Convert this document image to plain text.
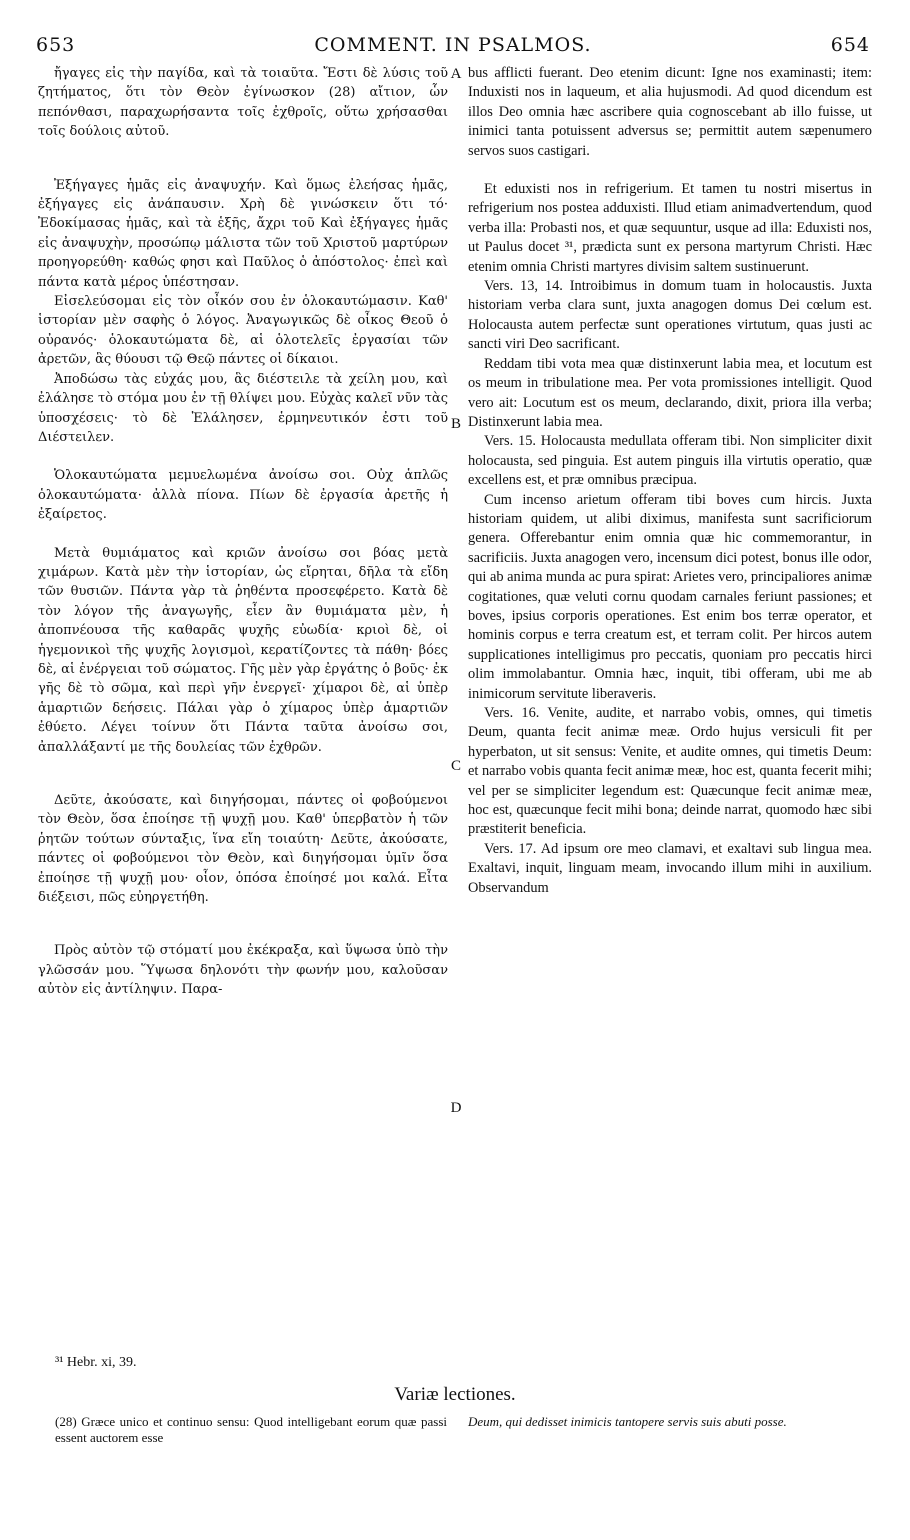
653	COMMENT. IN PSALMOS.	654

ἤγαγες εἰς τὴν παγίδα, καὶ τὰ τοιαῦτα. Ἔστι δὲ λύσις τοῦ ζητήματος, ὅτι τὸν Θεὸν ἐγίνωσκον (28) αἴτιον, ὧν πεπόνθασι, παραχωρήσαντα τοῖς ἐχθροῖς, οὕτω χρήσασθαι τοῖς δούλοις αὐτοῦ.

Ἐξήγαγες ἡμᾶς εἰς ἀναψυχήν. Καὶ ὅμως ἐλεήσας ἡμᾶς, ἐξήγαγες εἰς ἀνάπαυσιν. Χρὴ δὲ γινώσκειν ὅτι τό· Ἐδοκίμασας ἡμᾶς, καὶ τὰ ἑξῆς, ἄχρι τοῦ Καὶ ἐξήγαγες ἡμᾶς εἰς ἀναψυχὴν, προσώπῳ μάλιστα τῶν τοῦ Χριστοῦ μαρτύρων προηγορεύθη· καθώς φησι καὶ Παῦλος ὁ ἀπόστολος· ἐπεὶ καὶ πάντα κατὰ μέρος ὑπέστησαν.

Εἰσελεύσομαι εἰς τὸν οἶκόν σου ἐν ὁλοκαυτώμασιν. Καθ' ἱστορίαν μὲν σαφὴς ὁ λόγος. Ἀναγωγικῶς δὲ οἶκος Θεοῦ ὁ οὐρανός· ὁλοκαυτώματα δὲ, αἱ ὁλοτελεῖς ἐργασίαι τῶν ἀρετῶν, ἃς θύουσι τῷ Θεῷ πάντες οἱ δίκαιοι.

Ἀποδώσω τὰς εὐχάς μου, ἃς διέστειλε τὰ χείλη μου, καὶ ἐλάλησε τὸ στόμα μου ἐν τῇ θλίψει μου. Εὐχὰς καλεῖ νῦν τὰς ὑποσχέσεις· τὸ δὲ Ἐλάλησεν, ἑρμηνευτικόν ἐστι τοῦ Διέστειλεν.

Ὁλοκαυτώματα μεμυελωμένα ἀνοίσω σοι. Οὐχ ἁπλῶς ὁλοκαυτώματα· ἀλλὰ πίονα. Πίων δὲ ἐργασία ἀρετῆς ἡ ἐξαίρετος.

Μετὰ θυμιάματος καὶ κριῶν ἀνοίσω σοι βόας μετὰ χιμάρων. Κατὰ μὲν τὴν ἱστορίαν, ὡς εἴρηται, δῆλα τὰ εἴδη τῶν θυσιῶν. Πάντα γὰρ τὰ ῥηθέντα προσεφέρετο. Κατὰ δὲ τὸν λόγον τῆς ἀναγωγῆς, εἶεν ἂν θυμιάματα μὲν, ἡ ἀποπνέουσα τῆς καθαρᾶς ψυχῆς εὐωδία· κριοὶ δὲ, οἱ ἡγεμονικοὶ τῆς ψυχῆς λογισμοὶ, κερατίζοντες τὰ πάθη· βόες δὲ, αἱ ἐνέργειαι τοῦ σώματος. Γῆς μὲν γὰρ ἐργάτης ὁ βοῦς· ἐκ γῆς δὲ τὸ σῶμα, καὶ περὶ γῆν ἐνεργεῖ· χίμαροι δὲ, αἱ ὑπὲρ ἁμαρτιῶν δεήσεις. Πάλαι γὰρ ὁ χίμαρος ὑπὲρ ἁμαρτιῶν ἐθύετο. Λέγει τοίνυν ὅτι Πάντα ταῦτα ἀνοίσω σοι, ἀπαλλάξαντί με τῆς δουλείας τῶν ἐχθρῶν.

Δεῦτε, ἀκούσατε, καὶ διηγήσομαι, πάντες οἱ φοβούμενοι τὸν Θεὸν, ὅσα ἐποίησε τῇ ψυχῇ μου. Καθ' ὑπερβατὸν ἡ τῶν ῥητῶν τούτων σύνταξις, ἵνα εἴη τοιαύτη· Δεῦτε, ἀκούσατε, πάντες οἱ φοβούμενοι τὸν Θεὸν, καὶ διηγήσομαι ὑμῖν ὅσα ἐποίησε τῇ ψυχῇ μου· οἷον, ὁπόσα ἐποίησέ μοι καλά. Εἶτα διέξεισι, πῶς εὐηργετήθη.

Πρὸς αὐτὸν τῷ στόματί μου ἐκέκραξα, καὶ ὕψωσα ὑπὸ τὴν γλῶσσάν μου. Ὕψωσα δηλονότι τὴν φωνήν μου, καλοῦσαν αὐτὸν εἰς ἀντίληψιν. Παρα-

bus afflicti fuerant. Deo etenim dicunt: Igne nos examinasti; item: Induxisti nos in laqueum, et alia hujusmodi. Ad quod dicendum est illos Deo omnia hæc ascribere quia cognoscebant ab illo fuisse, ut inimici tanta potuissent adversus se; permittit autem sæpenumero servos suos castigari.

Et eduxisti nos in refrigerium. Et tamen tu nostri misertus in refrigerium nos postea adduxisti. Illud etiam animadvertendum, quod verba illa: Probasti nos, et quæ sequuntur, usque ad illa: Eduxisti nos, ut Paulus docet ³¹, prædicta sunt ex persona martyrum Christi. Hæc etenim omnia Christi martyres divisim saltem sustinuerunt.

Vers. 13, 14. Introibimus in domum tuam in holocaustis. Juxta historiam verba clara sunt, juxta anagogen domus Dei cœlum est. Holocausta autem perfectæ sunt operationes virtutum, quas justi ac sancti viri Deo sacrificant.

Reddam tibi vota mea quæ distinxerunt labia mea, et locutum est os meum in tribulatione mea. Per vota promissiones intelligit. Quod vero ait: Locutum est os meum, declarando, dixit, priora illa verba; Distinxerunt labia mea.

Vers. 15. Holocausta medullata offeram tibi. Non simpliciter dixit holocausta, sed pinguia. Est autem pinguis illa virtutis operatio, quæ excellens est, et præ omnibus præcipua.

Cum incenso arietum offeram tibi boves cum hircis. Juxta historiam quidem, ut alibi diximus, manifesta sunt sacrificiorum genera. Offerebantur enim omnia quæ hic commemorantur, in sacrificiis. Juxta anagogen vero, incensum dici potest, bonus ille odor, qui ab anima munda ac pura spirat: Arietes vero, principaliores animæ cogitationes, quæ veluti cornu quodam carnales feriunt passiones; et boves, ipsius corporis operationes. Est enim bos terræ operator, et hominis corpus e terra creatum est, et terram colit. Per hircos autem supplicationes intelligimus pro peccatis, quoniam pro peccatis hirci olim immolabantur. Omnia hæc, inquit, tibi offeram, ubi me ab inimicorum servitute liberaveris.

Vers. 16. Venite, audite, et narrabo vobis, omnes, qui timetis Deum, quanta fecit animæ meæ. Ordo hujus versiculi fit per hyperbaton, ut sit sensus: Venite, et audite omnes, qui timetis Deum: et narrabo vobis quanta fecit animæ meæ, hoc est, quanta fecerit mihi; vel per se simpliciter legendum est: Quæcunque fecit animæ meæ, hoc est, quæcunque fecit mihi bona; deinde narrat, quomodo hæc sibi præstiterit beneficia.

Vers. 17. Ad ipsum ore meo clamavi, et exaltavi sub lingua mea. Exaltavi, inquit, linguam meam, invocando illum mihi in auxilium. Observandum

A
B
C
D
³¹ Hebr. xi, 39.
Variæ lectiones.
(28) Græce unico et continuo sensu: Quod intelligebant eorum quæ passi essent auctorem esse
Deum, qui dedisset inimicis tantopere servis suis abuti posse.
